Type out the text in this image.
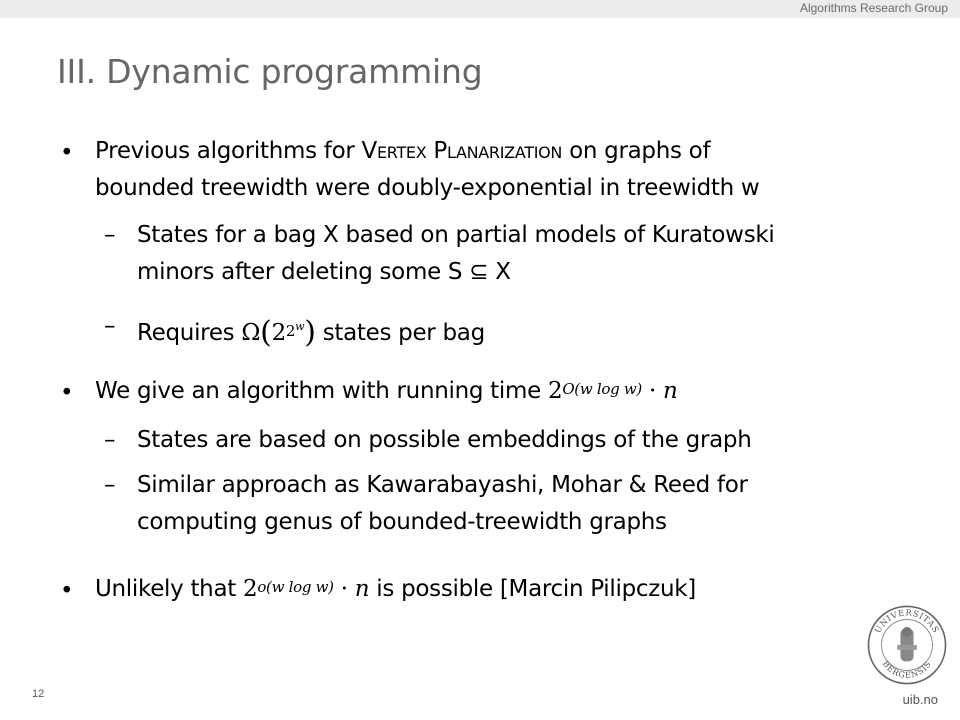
Algorithms Research Group
III. Dynamic programming
• Previous algorithms for Vertex Planarization on graphs of
bounded treewidth were doubly-exponential in treewidth w
– States for a bag X based on partial models of Kuratowski
minors after deleting some S ⊆ X
– Requires $\Omega(2^{2^w})$ states per bag
• We give an algorithm with running time $2^{O(w log w)} \cdot n$
– States are based on possible embeddings of the graph
– Similar approach as Kawarabayashi, Mohar & Reed for
computing genus of bounded-treewidth graphs
• Unlikely that $2^{o(w log w)} \cdot n$ is possible [Marcin Pilipczuk]
12	uib.no
UNIVERSITAS
BERGENSIS
